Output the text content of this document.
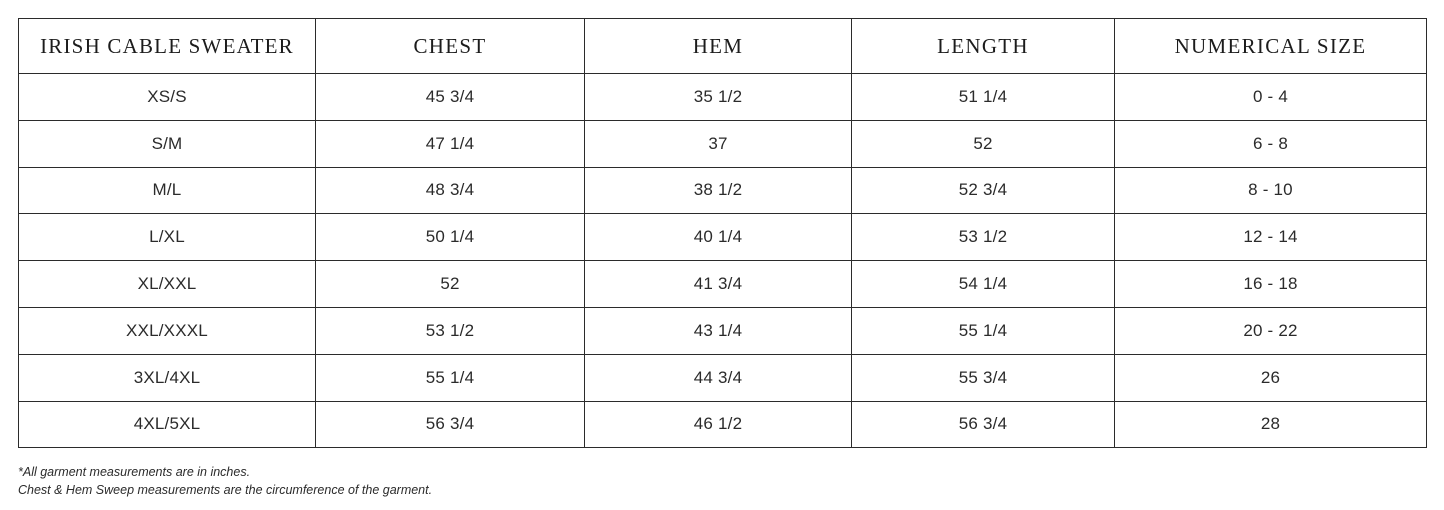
IRISH CABLE SWEATER	CHEST	HEM	LENGTH	NUMERICAL SIZE
XS/S	45 3/4	35 1/2	51 1/4	0 - 4
S/M	47 1/4	37	52	6 - 8
M/L	48 3/4	38 1/2	52 3/4	8 - 10
L/XL	50 1/4	40 1/4	53 1/2	12 - 14
XL/XXL	52	41 3/4	54 1/4	16 - 18
XXL/XXXL	53 1/2	43 1/4	55 1/4	20 - 22
3XL/4XL	55 1/4	44 3/4	55 3/4	26
4XL/5XL	56 3/4	46 1/2	56 3/4	28
*All garment measurements are in inches.
Chest & Hem Sweep measurements are the circumference of the garment.
